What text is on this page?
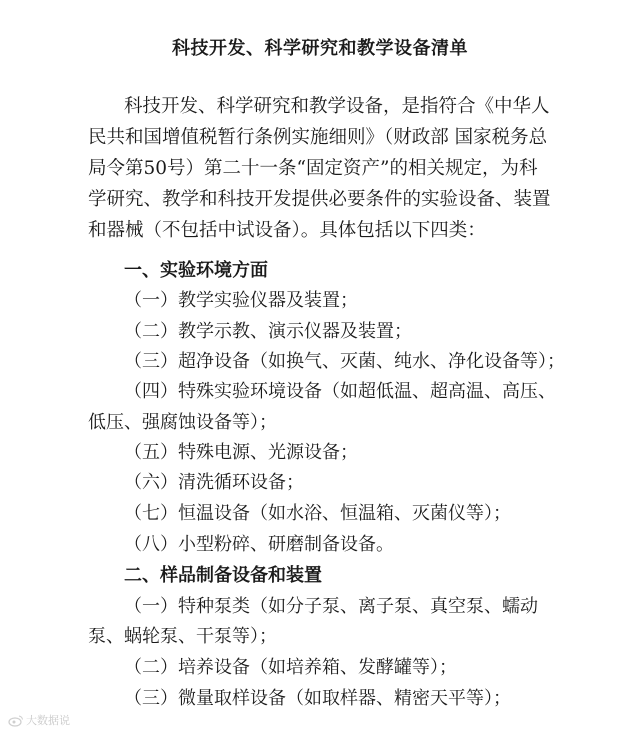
科技开发、科学研究和教学设备清单
科技开发、科学研究和教学设备，是指符合《中华人
民共和国增值税暂行条例实施细则》（财政部 国家税务总
局令第50号）第二十一条“固定资产”的相关规定，为科
学研究、教学和科技开发提供必要条件的实验设备、装置
和器械（不包括中试设备）。具体包括以下四类：
一、实验环境方面
（一）教学实验仪器及装置；
（二）教学示教、演示仪器及装置；
（三）超净设备（如换气、灭菌、纯水、净化设备等）；
（四）特殊实验环境设备（如超低温、超高温、高压、
低压、强腐蚀设备等）；
（五）特殊电源、光源设备；
（六）清洗循环设备；
（七）恒温设备（如水浴、恒温箱、灭菌仪等）；
（八）小型粉碎、研磨制备设备。
二、样品制备设备和装置
（一）特种泵类（如分子泵、离子泵、真空泵、蠕动
泵、蜗轮泵、干泵等）；
（二）培养设备（如培养箱、发酵罐等）；
（三）微量取样设备（如取样器、精密天平等）；
大数据说
